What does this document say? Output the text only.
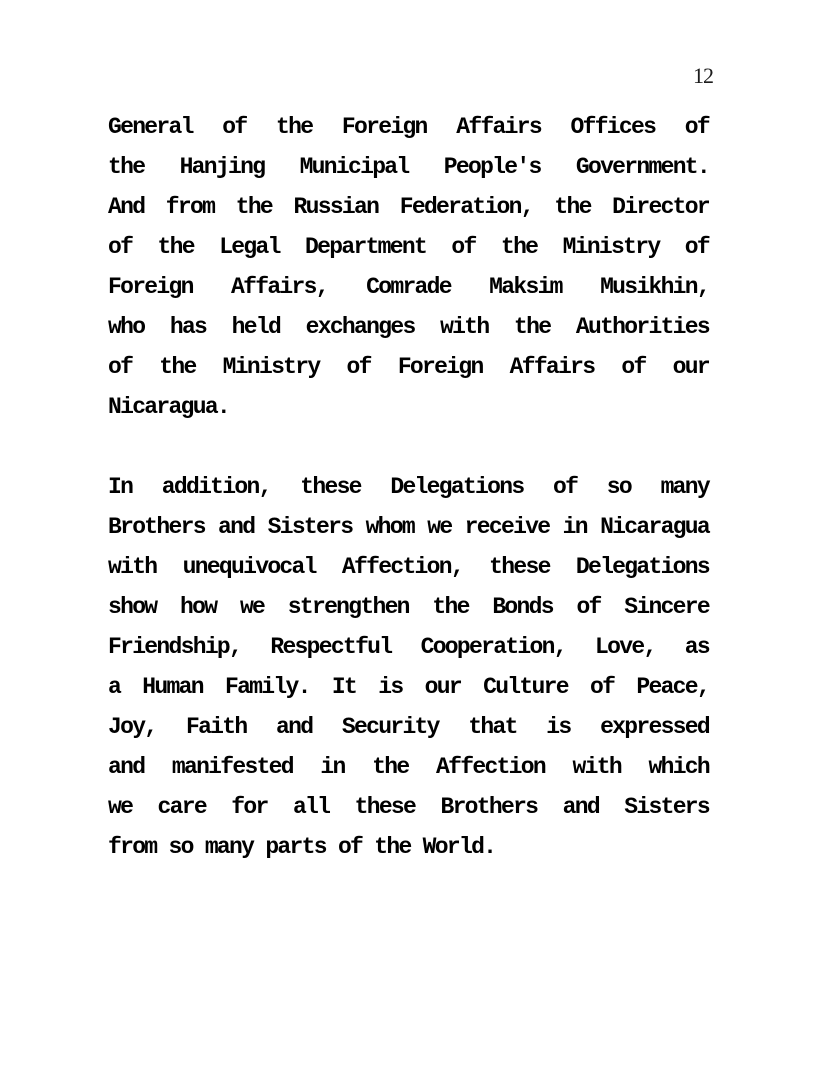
12
General of the Foreign Affairs Offices of
the Hanjing Municipal People's Government.
And from the Russian Federation, the Director
of the Legal Department of the Ministry of
Foreign Affairs, Comrade Maksim Musikhin,
who has held exchanges with the Authorities
of the Ministry of Foreign Affairs of our
Nicaragua.
In addition, these Delegations of so many
Brothers and Sisters whom we receive in Nicaragua
with unequivocal Affection, these Delegations
show how we strengthen the Bonds of Sincere
Friendship, Respectful Cooperation, Love, as
a Human Family. It is our Culture of Peace,
Joy, Faith and Security that is expressed
and manifested in the Affection with which
we care for all these Brothers and Sisters
from so many parts of the World.
